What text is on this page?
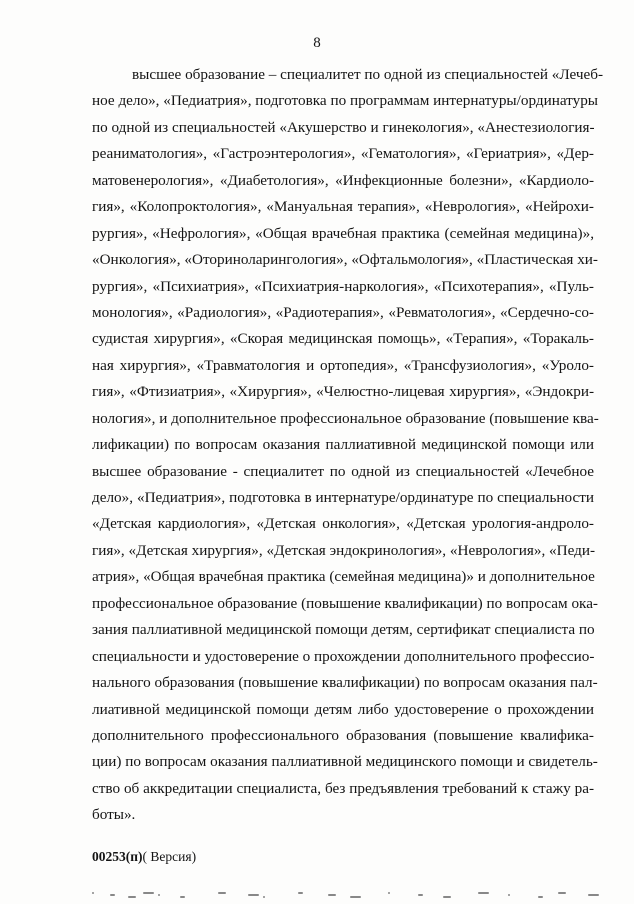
8
высшее образование – специалитет по одной из специальностей «Лечеб-
ное дело», «Педиатрия», подготовка по программам интернатуры/ординатуры
по одной из специальностей «Акушерство и гинекология», «Анестезиология-
реаниматология», «Гастроэнтерология», «Гематология», «Гериатрия», «Дер-
матовенерология», «Диабетология», «Инфекционные болезни», «Кардиоло-
гия», «Колопроктология», «Мануальная терапия», «Неврология», «Нейрохи-
рургия», «Нефрология», «Общая врачебная практика (семейная медицина)»,
«Онкология», «Оториноларингология», «Офтальмология», «Пластическая хи-
рургия», «Психиатрия», «Психиатрия-наркология», «Психотерапия», «Пуль-
монология», «Радиология», «Радиотерапия», «Ревматология», «Сердечно-со-
судистая хирургия», «Скорая медицинская помощь», «Терапия», «Торакаль-
ная хирургия», «Травматология и ортопедия», «Трансфузиология», «Уроло-
гия», «Фтизиатрия», «Хирургия», «Челюстно-лицевая хирургия», «Эндокри-
нология», и дополнительное профессиональное образование (повышение ква-
лификации) по вопросам оказания паллиативной медицинской помощи или
высшее образование - специалитет по одной из специальностей «Лечебное
дело», «Педиатрия», подготовка в интернатуре/ординатуре по специальности
«Детская кардиология», «Детская онкология», «Детская урология-андроло-
гия», «Детская хирургия», «Детская эндокринология», «Неврология», «Педи-
атрия», «Общая врачебная практика (семейная медицина)» и дополнительное
профессиональное образование (повышение квалификации) по вопросам ока-
зания паллиативной медицинской помощи детям, сертификат специалиста по
специальности и удостоверение о прохождении дополнительного профессио-
нального образования (повышение квалификации) по вопросам оказания пал-
лиативной медицинской помощи детям либо удостоверение о прохождении
дополнительного профессионального образования (повышение квалифика-
ции) по вопросам оказания паллиативной медицинского помощи и свидетель-
ство об аккредитации специалиста, без предъявления требований к стажу ра-
боты».
00253(п)( Версия)
